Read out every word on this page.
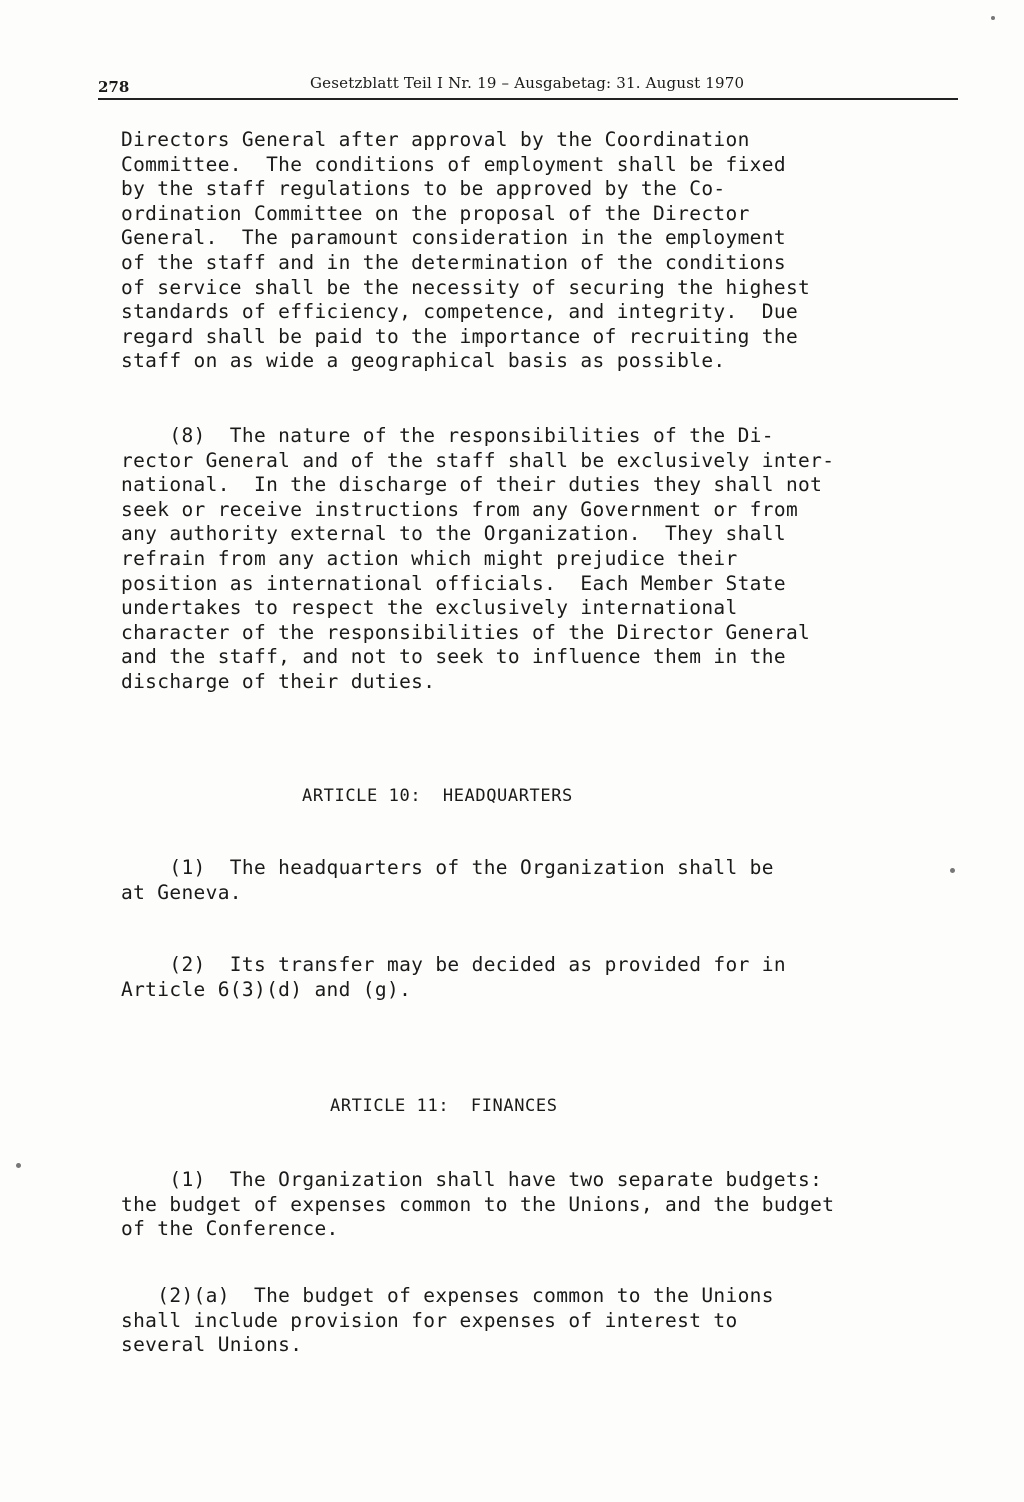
278	Gesetzblatt Teil I Nr. 19 – Ausgabetag: 31. August 1970
Directors General after approval by the Coordination
Committee.  The conditions of employment shall be fixed
by the staff regulations to be approved by the Co-
ordination Committee on the proposal of the Director
General.  The paramount consideration in the employment
of the staff and in the determination of the conditions
of service shall be the necessity of securing the highest
standards of efficiency, competence, and integrity.  Due
regard shall be paid to the importance of recruiting the
staff on as wide a geographical basis as possible.
(8)  The nature of the responsibilities of the Di-
rector General and of the staff shall be exclusively inter-
national.  In the discharge of their duties they shall not
seek or receive instructions from any Government or from
any authority external to the Organization.  They shall
refrain from any action which might prejudice their
position as international officials.  Each Member State
undertakes to respect the exclusively international
character of the responsibilities of the Director General
and the staff, and not to seek to influence them in the
discharge of their duties.
ARTICLE 10:  HEADQUARTERS
(1)  The headquarters of the Organization shall be
at Geneva.
(2)  Its transfer may be decided as provided for in
Article 6(3)(d) and (g).
ARTICLE 11:  FINANCES
(1)  The Organization shall have two separate budgets:
the budget of expenses common to the Unions, and the budget
of the Conference.
(2)(a)  The budget of expenses common to the Unions
shall include provision for expenses of interest to
several Unions.
